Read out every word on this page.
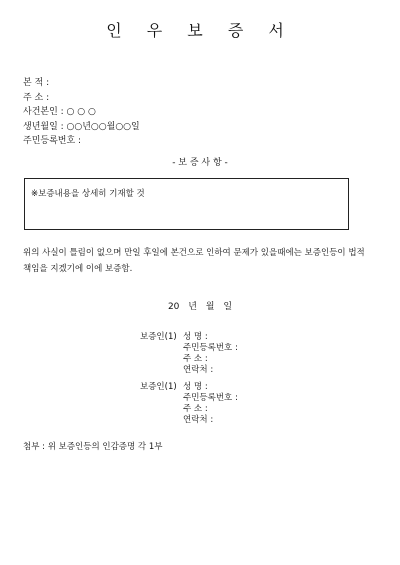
인 우 보 증 서
본 적 :
주 소 :
사건본인 : ○ ○ ○
생년월일 : ○○년○○월○○일
주민등록번호 :
- 보 증 사 항 -
※보증내용을 상세히 기재할 것
위의 사실이 틀림이 없으며 만일 후일에 본건으로 인하여 문제가 있을때에는 보증인등이 법적
책임을 지겠기에 이에 보증함.
20 년 월 일
보증인(1) 성 명 :
주민등록번호 :
주 소 :
연락처 :
보증인(1) 성 명 :
주민등록번호 :
주 소 :
연락처 :
첨부 : 위 보증인등의 인감증명 각 1부
